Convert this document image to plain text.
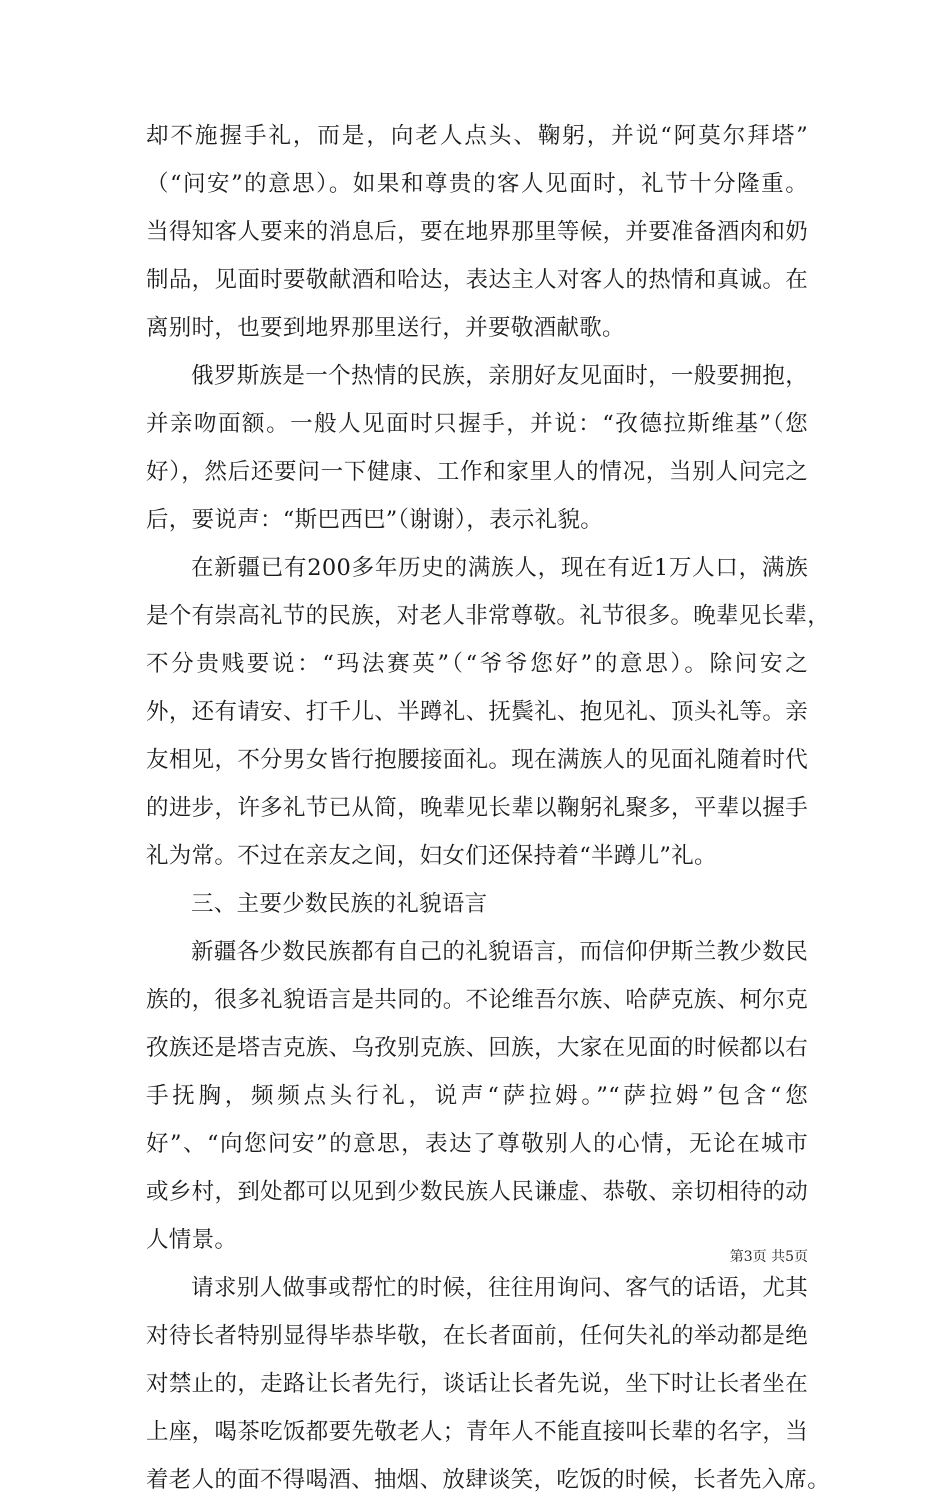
却不施握手礼，而是，向老人点头、鞠躬，并说“阿莫尔拜塔”
（“问安”的意思）。如果和尊贵的客人见面时，礼节十分隆重。
当得知客人要来的消息后，要在地界那里等候，并要准备酒肉和奶
制品，见面时要敬献酒和哈达，表达主人对客人的热情和真诚。在
离别时，也要到地界那里送行，并要敬酒献歌。
俄罗斯族是一个热情的民族，亲朋好友见面时，一般要拥抱，
并亲吻面额。一般人见面时只握手，并说：“孜德拉斯维基”（您
好），然后还要问一下健康、工作和家里人的情况，当别人问完之
后，要说声：“斯巴西巴”（谢谢），表示礼貌。
在新疆已有200多年历史的满族人，现在有近1万人口，满族
是个有崇高礼节的民族，对老人非常尊敬。礼节很多。晚辈见长辈，
不分贵贱要说：“玛法赛英”（“爷爷您好”的意思）。除问安之
外，还有请安、打千儿、半蹲礼、抚鬓礼、抱见礼、顶头礼等。亲
友相见，不分男女皆行抱腰接面礼。现在满族人的见面礼随着时代
的进步，许多礼节已从简，晚辈见长辈以鞠躬礼聚多，平辈以握手
礼为常。不过在亲友之间，妇女们还保持着“半蹲儿”礼。
三、主要少数民族的礼貌语言
新疆各少数民族都有自己的礼貌语言，而信仰伊斯兰教少数民
族的，很多礼貌语言是共同的。不论维吾尔族、哈萨克族、柯尔克
孜族还是塔吉克族、乌孜别克族、回族，大家在见面的时候都以右
手抚胸，频频点头行礼，说声“萨拉姆。”“萨拉姆”包含“您
好”、“向您问安”的意思，表达了尊敬别人的心情，无论在城市
或乡村，到处都可以见到少数民族人民谦虚、恭敬、亲切相待的动
人情景。
请求别人做事或帮忙的时候，往往用询问、客气的话语，尤其
对待长者特别显得毕恭毕敬，在长者面前，任何失礼的举动都是绝
对禁止的，走路让长者先行，谈话让长者先说，坐下时让长者坐在
上座，喝茶吃饭都要先敬老人；青年人不能直接叫长辈的名字，当
着老人的面不得喝酒、抽烟、放肆谈笑，吃饭的时候，长者先入席。
第3页 共5页
